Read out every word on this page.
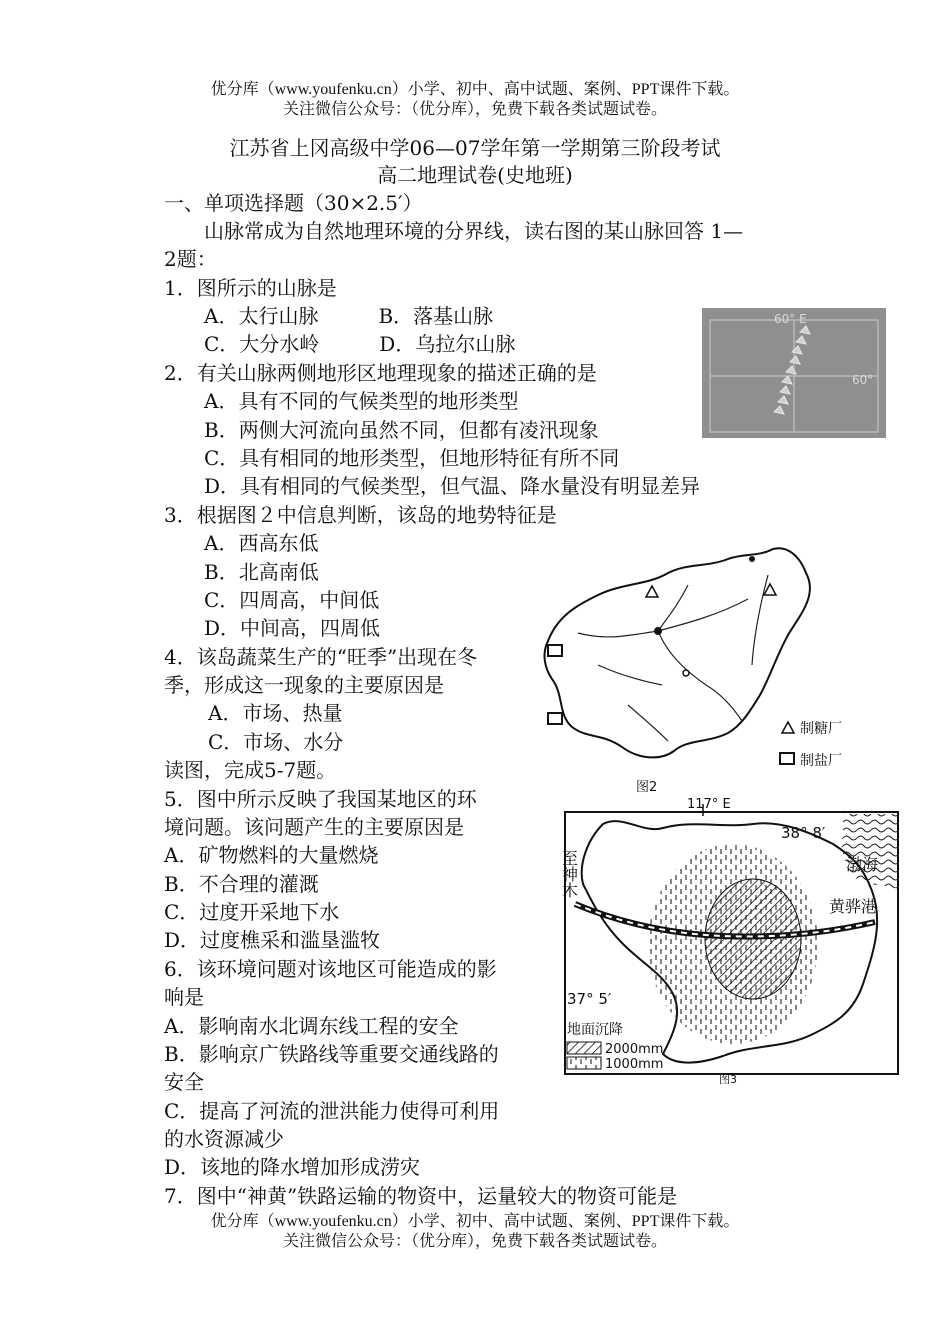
优分库（www.youfenku.cn）小学、初中、高中试题、案例、PPT课件下载。
关注微信公众号：（优分库），免费下载各类试题试卷。
江苏省上冈高级中学06—07学年第一学期第三阶段考试
高二地理试卷(史地班)
一、单项选择题（30×2.5′）
山脉常成为自然地理环境的分界线，读右图的某山脉回答 1—
2题：
1．图所示的山脉是
A．太行山脉　　　B．落基山脉
C．大分水岭　　　D．乌拉尔山脉
2．有关山脉两侧地形区地理现象的描述正确的是
A．具有不同的气候类型的地形类型
B．两侧大河流向虽然不同，但都有凌汛现象
C．具有相同的地形类型，但地形特征有所不同
D．具有相同的气候类型，但气温、降水量没有明显差异
3．根据图２中信息判断，该岛的地势特征是
A．西高东低
B．北高南低
C．四周高，中间低
D．中间高，四周低
4．该岛蔬菜生产的“旺季”出现在冬
季，形成这一现象的主要原因是
A．市场、热量
C．市场、水分
读图，完成5-7题。
5．图中所示反映了我国某地区的环
境问题。该问题产生的主要原因是
A．矿物燃料的大量燃烧
B．不合理的灌溉
C．过度开采地下水
D．过度樵采和滥垦滥牧
6．该环境问题对该地区可能造成的影
响是
A．影响南水北调东线工程的安全
B．影响京广铁路线等重要交通线路的
安全
C．提高了河流的泄洪能力使得可利用
的水资源减少
D．该地的降水增加形成涝灾
7．图中“神黄”铁路运输的物资中，运量较大的物资可能是
60° E
60°
制糖厂
制盐厂
图2
117° E
38° 8′
37° 5′
渤海
黄骅港
至神木
地面沉降
2000mm
1000mm
图3
优分库（www.youfenku.cn）小学、初中、高中试题、案例、PPT课件下载。
关注微信公众号：（优分库），免费下载各类试题试卷。
